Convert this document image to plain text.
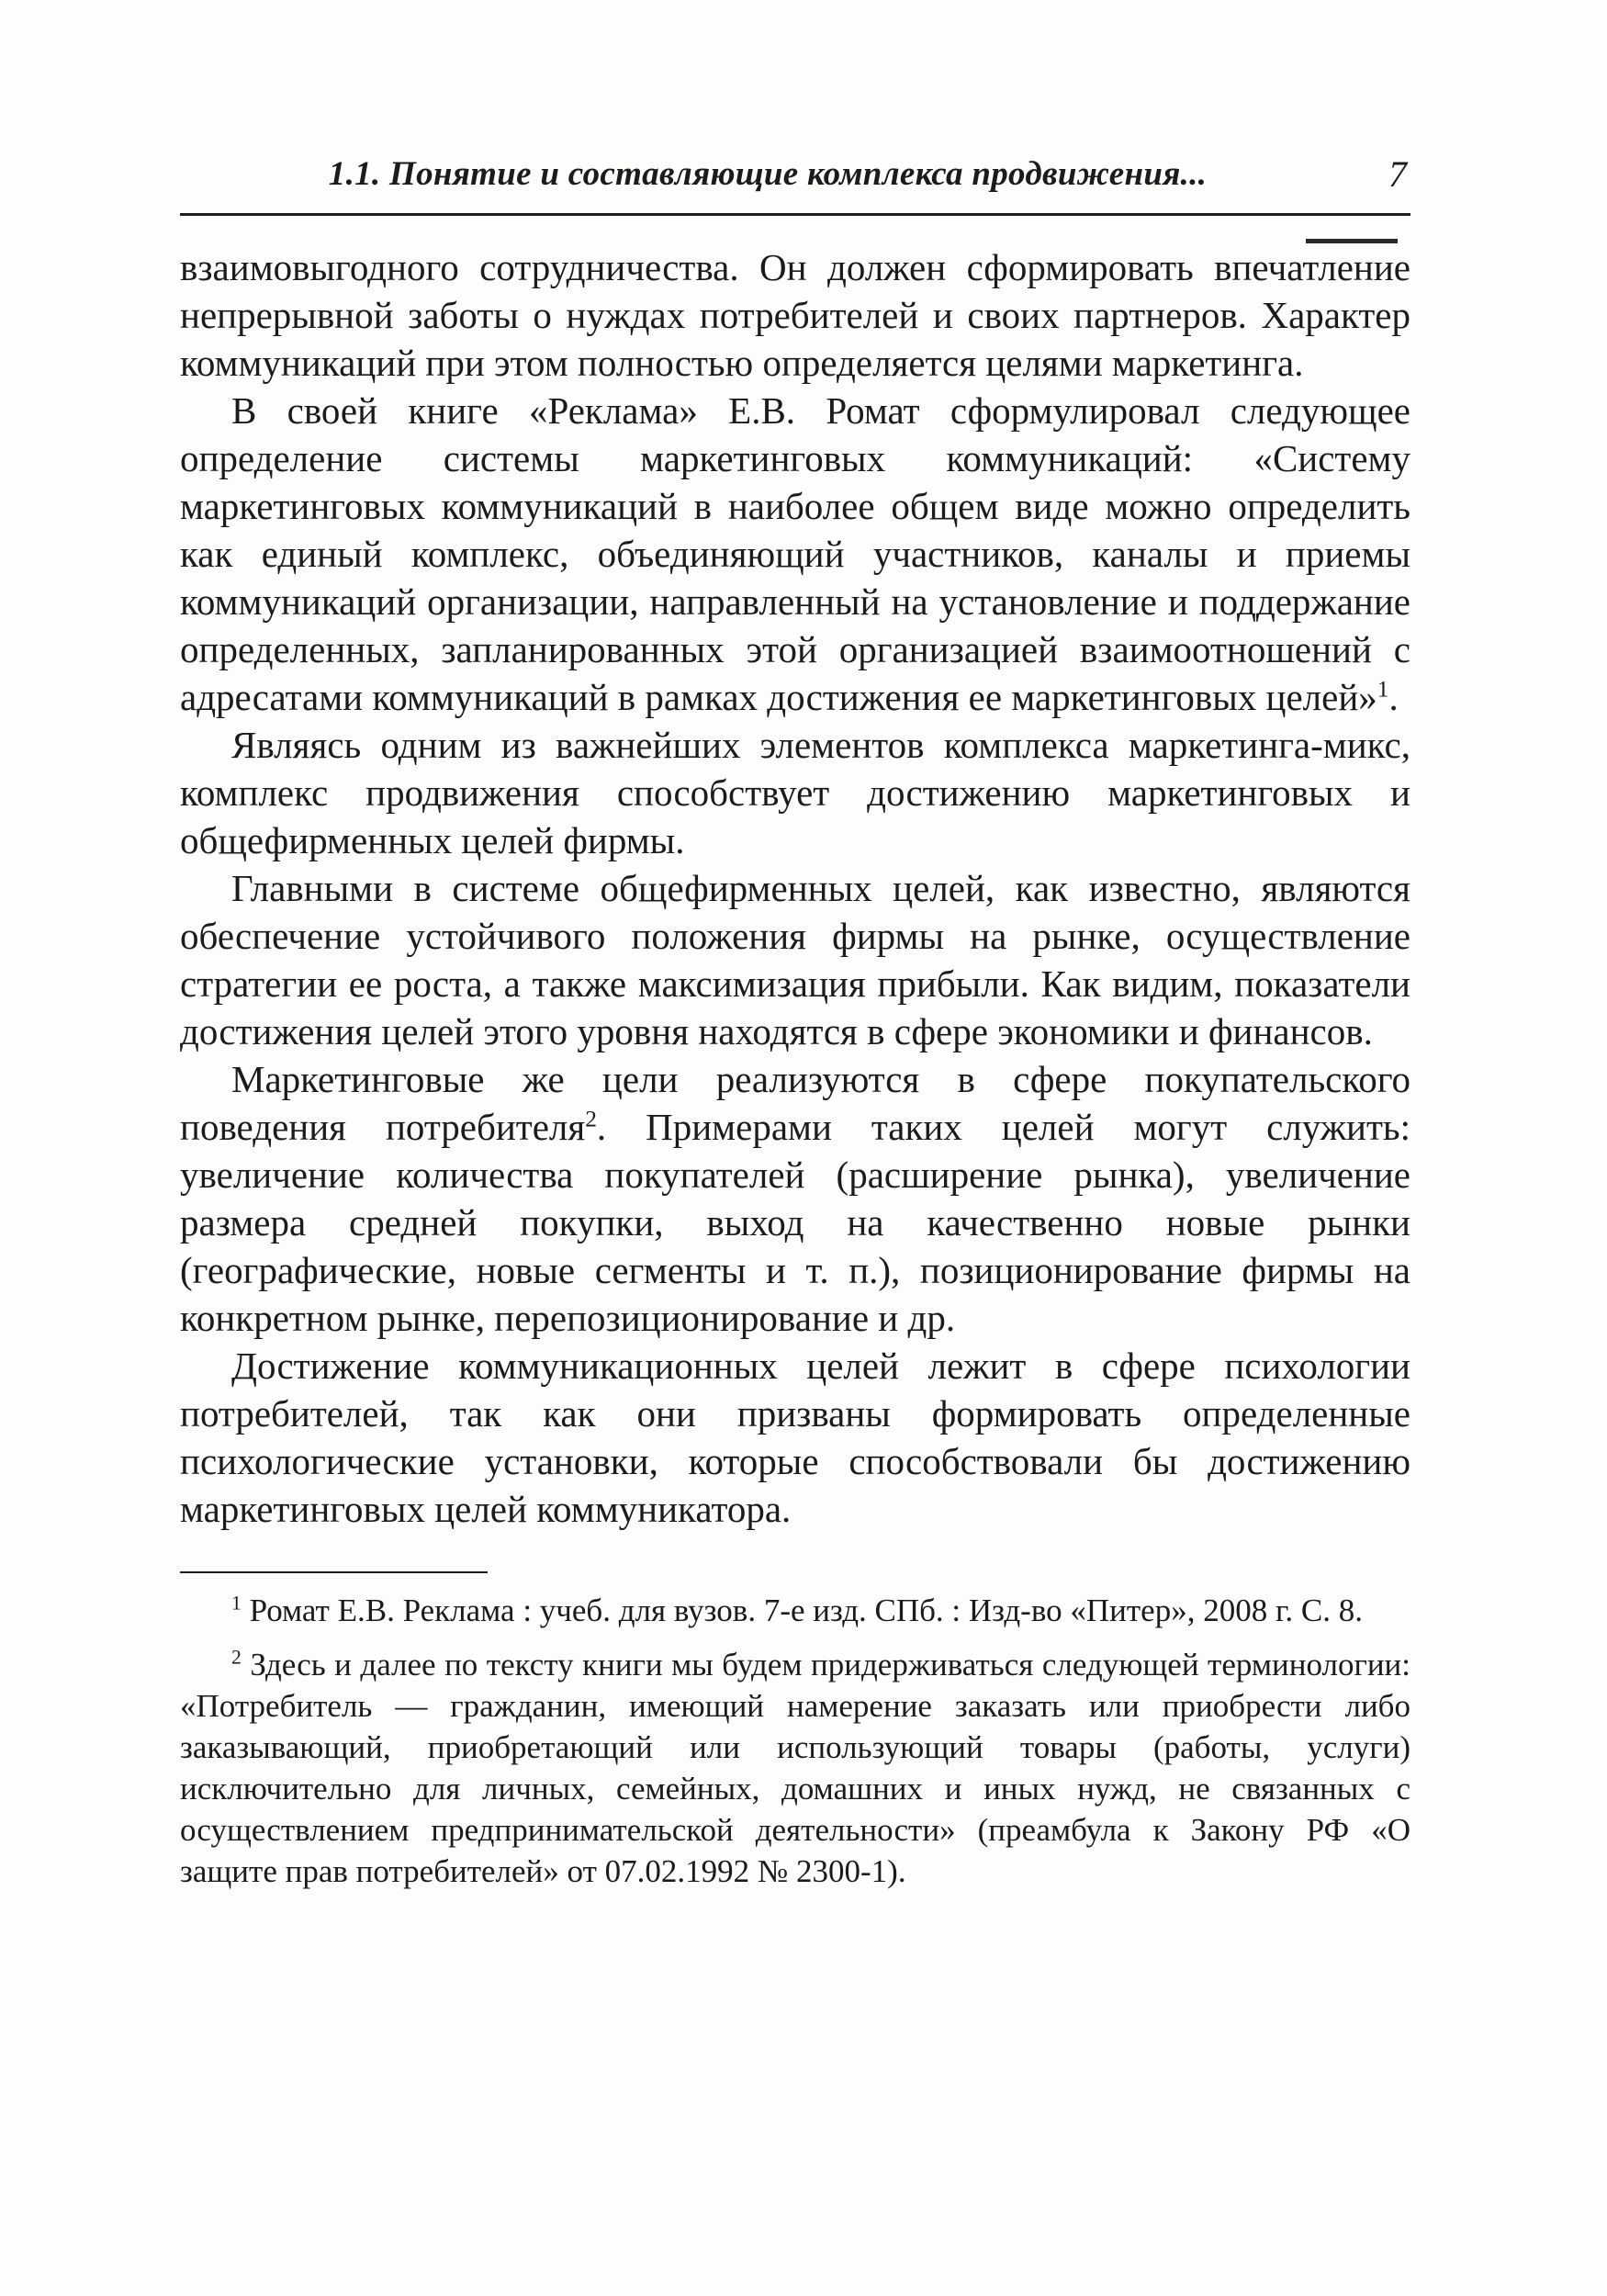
1.1. Понятие и составляющие комплекса продвижения...	7

взаимовыгодного сотрудничества. Он должен сформировать впечатление непрерывной заботы о нуждах потребителей и своих партнеров. Характер коммуникаций при этом полностью определяется целями маркетинга.

В своей книге «Реклама» Е.В. Ромат сформулировал следующее определение системы маркетинговых коммуникаций: «Систему маркетинговых коммуникаций в наиболее общем виде можно определить как единый комплекс, объединяющий участников, каналы и приемы коммуникаций организации, направленный на установление и поддержание определенных, запланированных этой организацией взаимоотношений с адресатами коммуникаций в рамках достижения ее маркетинговых целей»$^1$.

Являясь одним из важнейших элементов комплекса маркетинга-микс, комплекс продвижения способствует достижению маркетинговых и общефирменных целей фирмы.

Главными в системе общефирменных целей, как известно, являются обеспечение устойчивого положения фирмы на рынке, осуществление стратегии ее роста, а также максимизация прибыли. Как видим, показатели достижения целей этого уровня находятся в сфере экономики и финансов.

Маркетинговые же цели реализуются в сфере покупательского поведения потребителя$^2$. Примерами таких целей могут служить: увеличение количества покупателей (расширение рынка), увеличение размера средней покупки, выход на качественно новые рынки (географические, новые сегменты и т. п.), позиционирование фирмы на конкретном рынке, перепозиционирование и др.

Достижение коммуникационных целей лежит в сфере психологии потребителей, так как они призваны формировать определенные психологические установки, которые способствовали бы достижению маркетинговых целей коммуникатора.

$^1$ Ромат Е.В. Реклама : учеб. для вузов. 7-е изд. СПб. : Изд-во «Питер», 2008 г. С. 8.

$^2$ Здесь и далее по тексту книги мы будем придерживаться следующей терминологии: «Потребитель — гражданин, имеющий намерение заказать или приобрести либо заказывающий, приобретающий или использующий товары (работы, услуги) исключительно для личных, семейных, домашних и иных нужд, не связанных с осуществлением предпринимательской деятельности» (преамбула к Закону РФ «О защите прав потребителей» от 07.02.1992 № 2300-1).
